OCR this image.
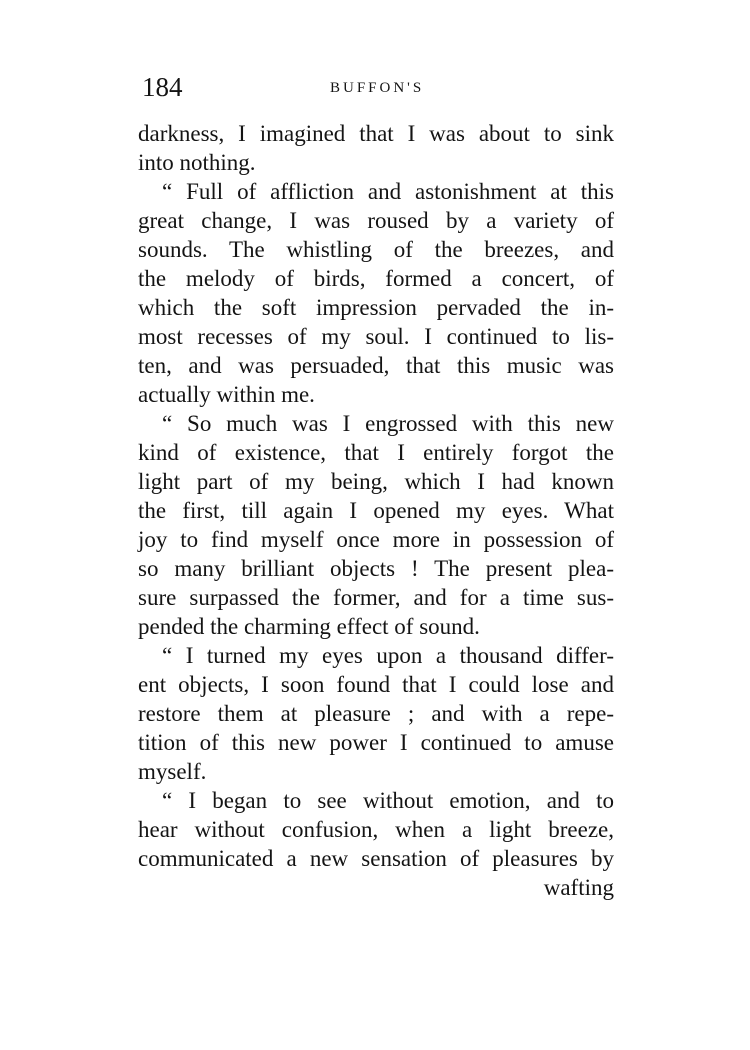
184	BUFFON'S
darkness, I imagined that I was about to sink
into nothing.
“ Full of affliction and astonishment at this
great change, I was roused by a variety of
sounds. The whistling of the breezes, and
the melody of birds, formed a concert, of
which the soft impression pervaded the in-
most recesses of my soul. I continued to lis-
ten, and was persuaded, that this music was
actually within me.
“ So much was I engrossed with this new
kind of existence, that I entirely forgot the
light part of my being, which I had known
the first, till again I opened my eyes. What
joy to find myself once more in possession of
so many brilliant objects ! The present plea-
sure surpassed the former, and for a time sus-
pended the charming effect of sound.
“ I turned my eyes upon a thousand differ-
ent objects, I soon found that I could lose and
restore them at pleasure ; and with a repe-
tition of this new power I continued to amuse
myself.
“ I began to see without emotion, and to
hear without confusion, when a light breeze,
communicated a new sensation of pleasures by
wafting
